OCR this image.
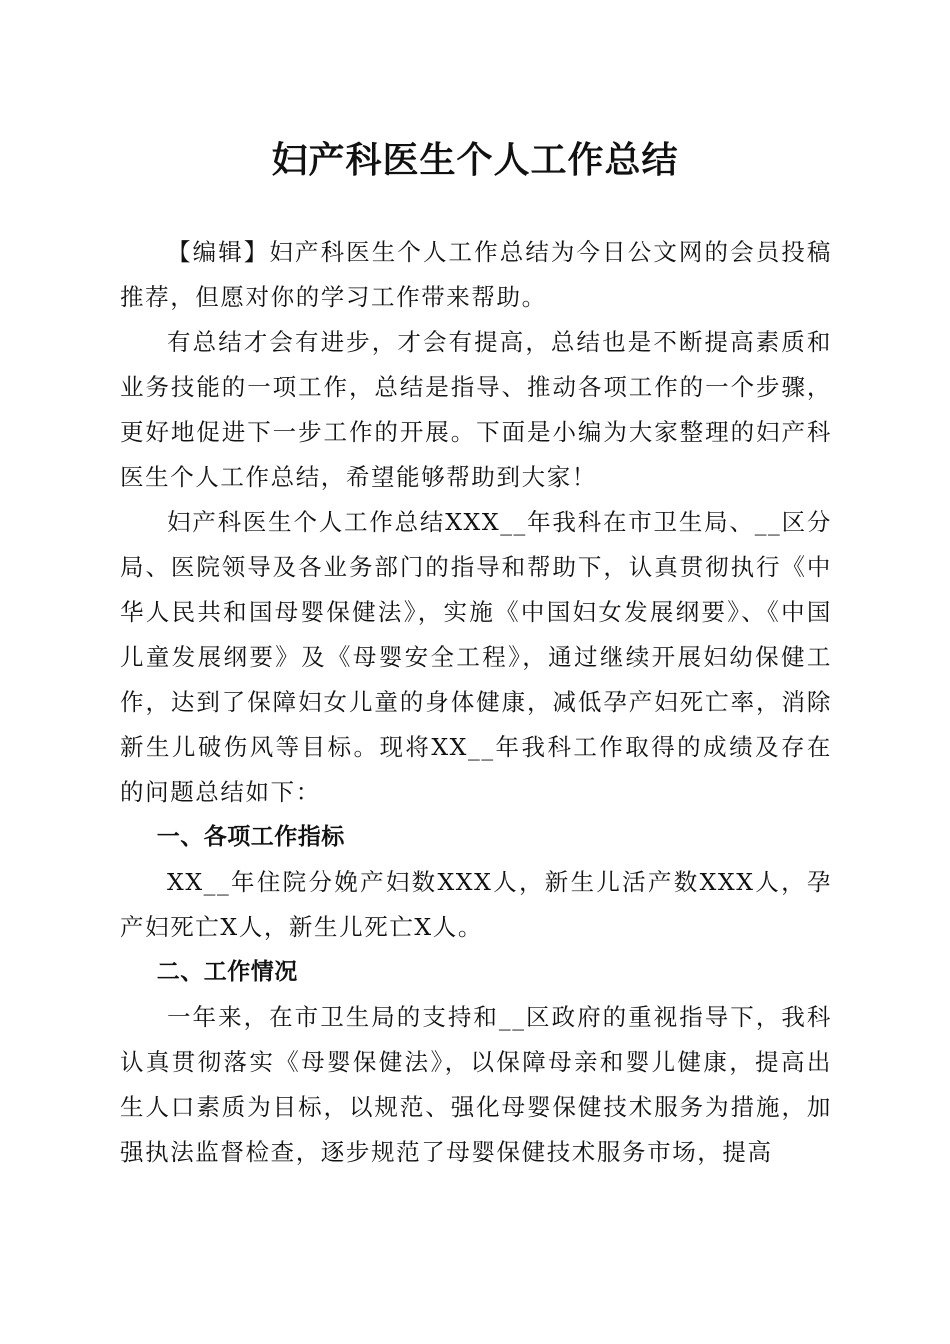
妇产科医生个人工作总结

【编辑】妇产科医生个人工作总结为今日公文网的会员投稿推荐，但愿对你的学习工作带来帮助。

有总结才会有进步，才会有提高，总结也是不断提高素质和业务技能的一项工作，总结是指导、推动各项工作的一个步骤，更好地促进下一步工作的开展。下面是小编为大家整理的妇产科医生个人工作总结，希望能够帮助到大家！

妇产科医生个人工作总结XXX__年我科在市卫生局、__区分局、医院领导及各业务部门的指导和帮助下，认真贯彻执行《中华人民共和国母婴保健法》，实施《中国妇女发展纲要》、《中国儿童发展纲要》及《母婴安全工程》，通过继续开展妇幼保健工作，达到了保障妇女儿童的身体健康，减低孕产妇死亡率，消除新生儿破伤风等目标。现将XX__年我科工作取得的成绩及存在的问题总结如下：

一、各项工作指标

XX__年住院分娩产妇数XXX人，新生儿活产数XXX人，孕产妇死亡X人，新生儿死亡X人。

二、工作情况

一年来，在市卫生局的支持和__区政府的重视指导下，我科认真贯彻落实《母婴保健法》，以保障母亲和婴儿健康，提高出生人口素质为目标，以规范、强化母婴保健技术服务为措施，加强执法监督检查，逐步规范了母婴保健技术服务市场，提高
